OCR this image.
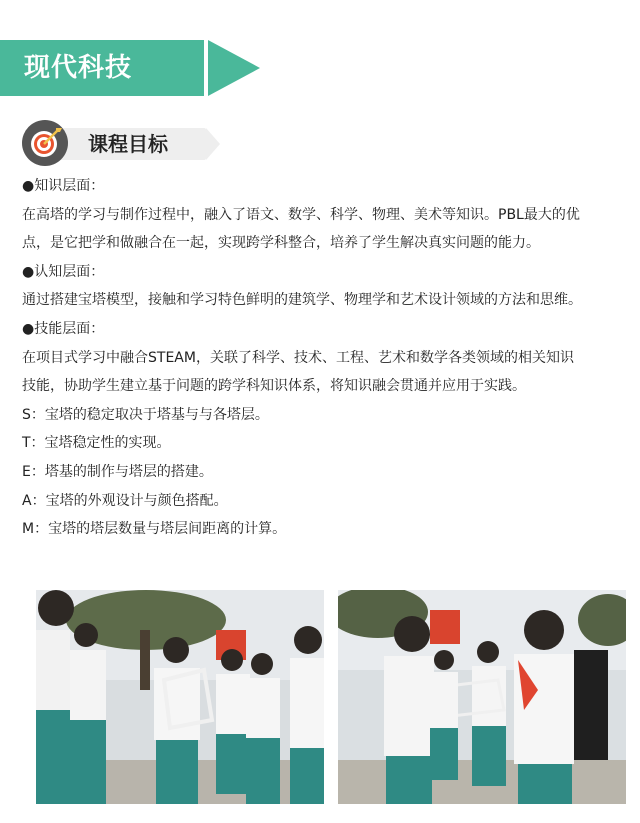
现代科技
课程目标

●知识层面：

在高塔的学习与制作过程中，融入了语文、数学、科学、物理、美术等知识。PBL最大的优

点，是它把学和做融合在一起，实现跨学科整合，培养了学生解决真实问题的能力。

●认知层面：

通过搭建宝塔模型，接触和学习特色鲜明的建筑学、物理学和艺术设计领域的方法和思维。

●技能层面：

在项目式学习中融合STEAM，关联了科学、技术、工程、艺术和数学各类领域的相关知识

技能，协助学生建立基于问题的跨学科知识体系，将知识融会贯通并应用于实践。

S：宝塔的稳定取决于塔基与与各塔层。

T：宝塔稳定性的实现。

E：塔基的制作与塔层的搭建。

A：宝塔的外观设计与颜色搭配。

M：宝塔的塔层数量与塔层间距离的计算。
